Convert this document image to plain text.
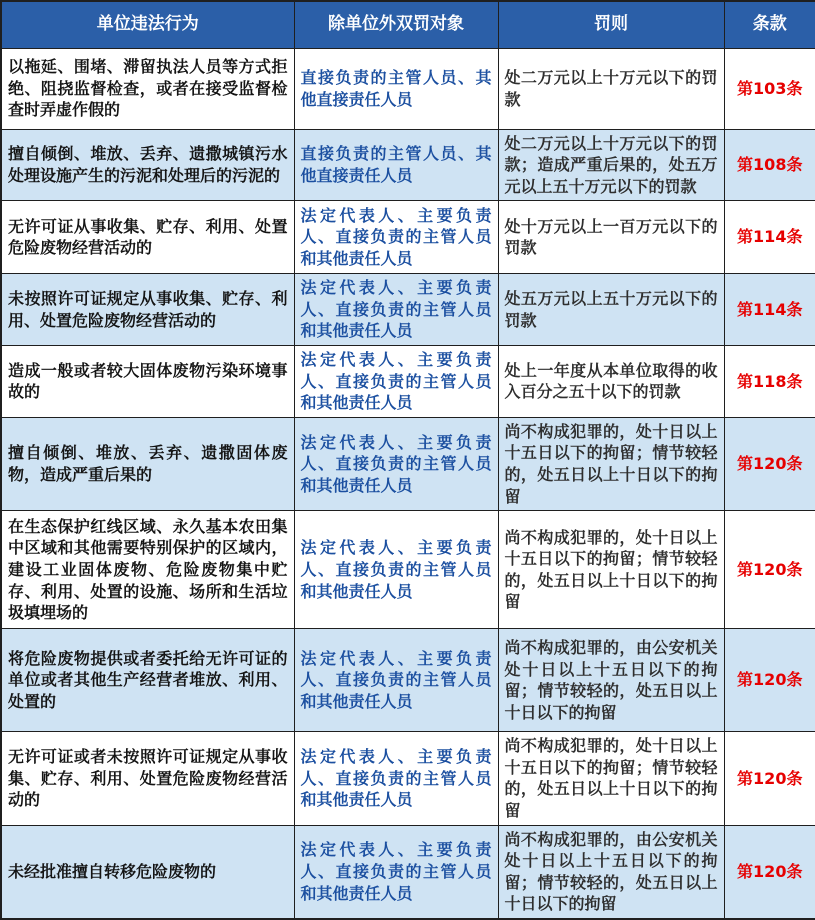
单位违法行为	除单位外双罚对象	罚则	条款
以拖延、围堵、滞留执法人员等方式拒绝、阻挠监督检查，或者在接受监督检查时弄虚作假的	直接负责的主管人员、其他直接责任人员	处二万元以上十万元以下的罚款	第103条
擅自倾倒、堆放、丢弃、遗撒城镇污水处理设施产生的污泥和处理后的污泥的	直接负责的主管人员、其他直接责任人员	处二万元以上十万元以下的罚款；造成严重后果的，处五万元以上五十万元以下的罚款	第108条
无许可证从事收集、贮存、利用、处置危险废物经营活动的	法定代表人、主要负责人、直接负责的主管人员和其他责任人员	处十万元以上一百万元以下的罚款	第114条
未按照许可证规定从事收集、贮存、利用、处置危险废物经营活动的	法定代表人、主要负责人、直接负责的主管人员和其他责任人员	处五万元以上五十万元以下的罚款	第114条
造成一般或者较大固体废物污染环境事故的	法定代表人、主要负责人、直接负责的主管人员和其他责任人员	处上一年度从本单位取得的收入百分之五十以下的罚款	第118条
擅自倾倒、堆放、丢弃、遗撒固体废物，造成严重后果的	法定代表人、主要负责人、直接负责的主管人员和其他责任人员	尚不构成犯罪的，处十日以上十五日以下的拘留；情节较轻的，处五日以上十日以下的拘留	第120条
在生态保护红线区域、永久基本农田集中区域和其他需要特别保护的区域内，建设工业固体废物、危险废物集中贮存、利用、处置的设施、场所和生活垃圾填埋场的	法定代表人、主要负责人、直接负责的主管人员和其他责任人员	尚不构成犯罪的，处十日以上十五日以下的拘留；情节较轻的，处五日以上十日以下的拘留	第120条
将危险废物提供或者委托给无许可证的单位或者其他生产经营者堆放、利用、处置的	法定代表人、主要负责人、直接负责的主管人员和其他责任人员	尚不构成犯罪的，由公安机关处十日以上十五日以下的拘留；情节较轻的，处五日以上十日以下的拘留	第120条
无许可证或者未按照许可证规定从事收集、贮存、利用、处置危险废物经营活动的	法定代表人、主要负责人、直接负责的主管人员和其他责任人员	尚不构成犯罪的，处十日以上十五日以下的拘留；情节较轻的，处五日以上十日以下的拘留	第120条
未经批准擅自转移危险废物的	法定代表人、主要负责人、直接负责的主管人员和其他责任人员	尚不构成犯罪的，由公安机关处十日以上十五日以下的拘留；情节较轻的，处五日以上十日以下的拘留	第120条
